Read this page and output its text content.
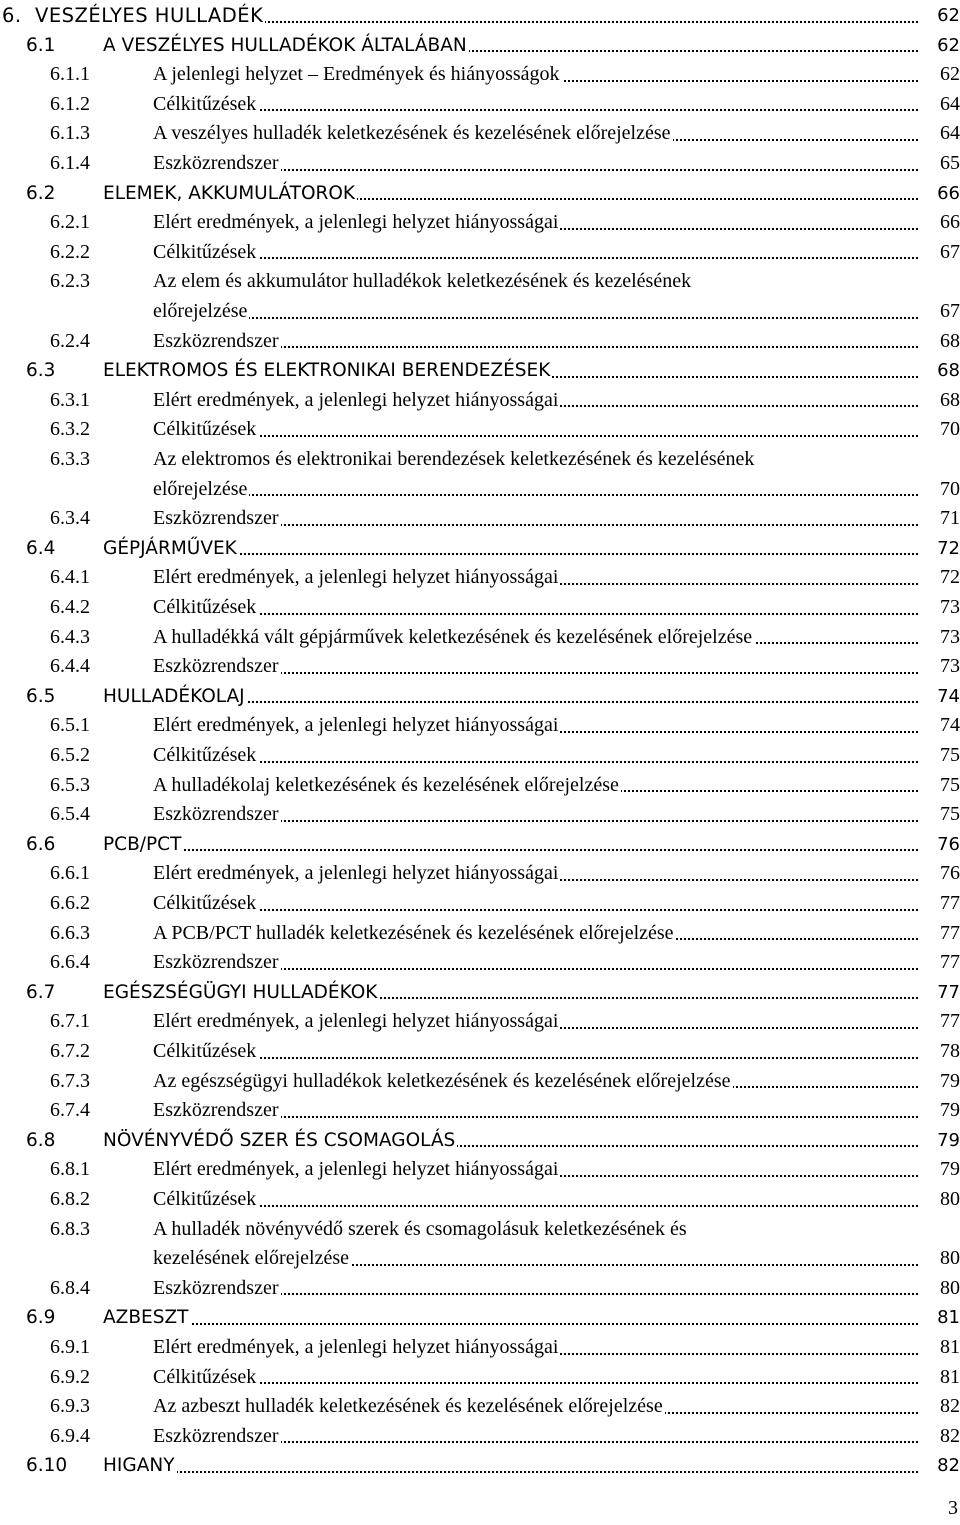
6. VESZÉLYES HULLADÉK	62
6.1	A VESZÉLYES HULLADÉKOK ÁLTALÁBAN	62
6.1.1	A jelenlegi helyzet – Eredmények és hiányosságok	62
6.1.2	Célkitűzések	64
6.1.3	A veszélyes hulladék keletkezésének és kezelésének előrejelzése	64
6.1.4	Eszközrendszer	65
6.2	ELEMEK, AKKUMULÁTOROK	66
6.2.1	Elért eredmények, a jelenlegi helyzet hiányosságai	66
6.2.2	Célkitűzések	67
6.2.3	Az elem és akkumulátor hulladékok keletkezésének és kezelésének
előrejelzése	67
6.2.4	Eszközrendszer	68
6.3	ELEKTROMOS ÉS ELEKTRONIKAI BERENDEZÉSEK	68
6.3.1	Elért eredmények, a jelenlegi helyzet hiányosságai	68
6.3.2	Célkitűzések	70
6.3.3	Az elektromos és elektronikai berendezések keletkezésének és kezelésének
előrejelzése	70
6.3.4	Eszközrendszer	71
6.4	GÉPJÁRMŰVEK	72
6.4.1	Elért eredmények, a jelenlegi helyzet hiányosságai	72
6.4.2	Célkitűzések	73
6.4.3	A hulladékká vált gépjárművek keletkezésének és kezelésének előrejelzése	73
6.4.4	Eszközrendszer	73
6.5	HULLADÉKOLAJ	74
6.5.1	Elért eredmények, a jelenlegi helyzet hiányosságai	74
6.5.2	Célkitűzések	75
6.5.3	A hulladékolaj keletkezésének és kezelésének előrejelzése	75
6.5.4	Eszközrendszer	75
6.6	PCB/PCT	76
6.6.1	Elért eredmények, a jelenlegi helyzet hiányosságai	76
6.6.2	Célkitűzések	77
6.6.3	A PCB/PCT hulladék keletkezésének és kezelésének előrejelzése	77
6.6.4	Eszközrendszer	77
6.7	EGÉSZSÉGÜGYI HULLADÉKOK	77
6.7.1	Elért eredmények, a jelenlegi helyzet hiányosságai	77
6.7.2	Célkitűzések	78
6.7.3	Az egészségügyi hulladékok keletkezésének és kezelésének előrejelzése	79
6.7.4	Eszközrendszer	79
6.8	NÖVÉNYVÉDŐ SZER ÉS CSOMAGOLÁS	79
6.8.1	Elért eredmények, a jelenlegi helyzet hiányosságai	79
6.8.2	Célkitűzések	80
6.8.3	A hulladék növényvédő szerek és csomagolásuk keletkezésének és
kezelésének előrejelzése	80
6.8.4	Eszközrendszer	80
6.9	AZBESZT	81
6.9.1	Elért eredmények, a jelenlegi helyzet hiányosságai	81
6.9.2	Célkitűzések	81
6.9.3	Az azbeszt hulladék keletkezésének és kezelésének előrejelzése	82
6.9.4	Eszközrendszer	82
6.10 HIGANY	82
3
